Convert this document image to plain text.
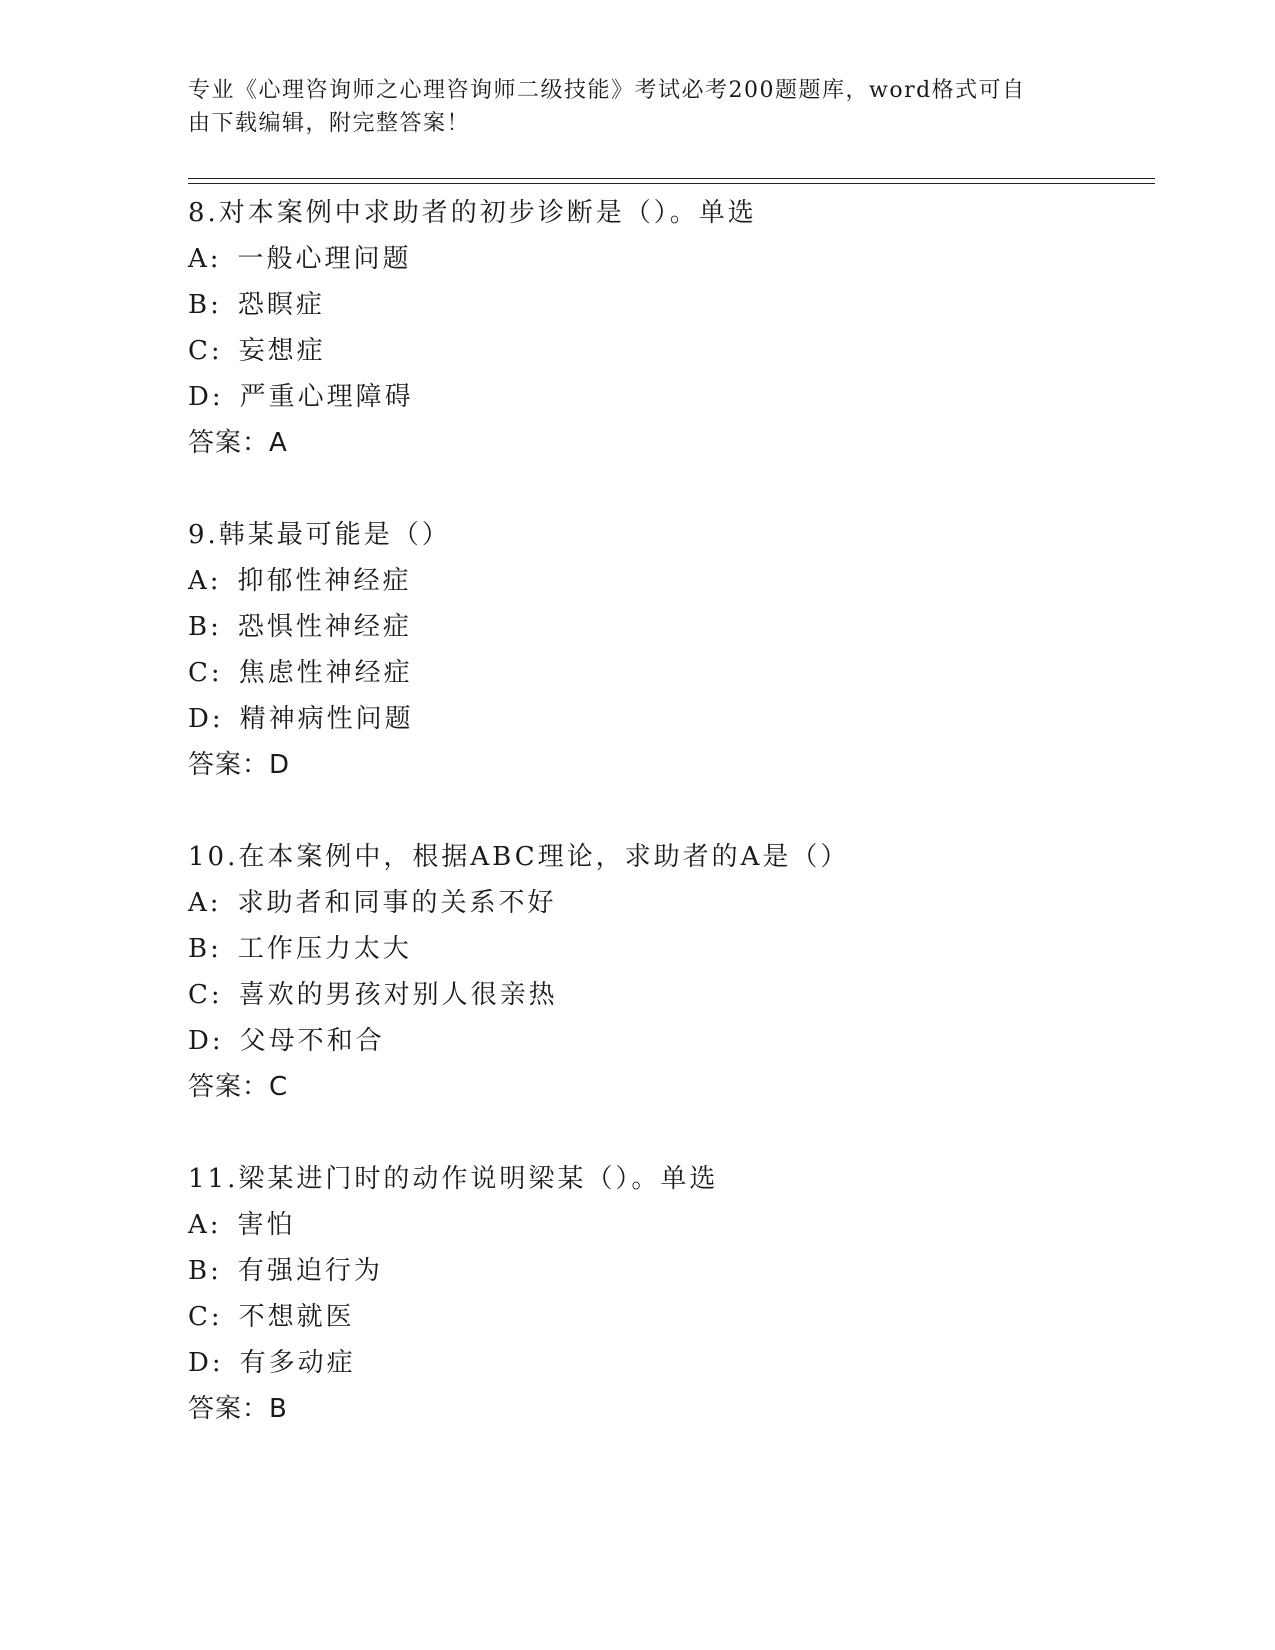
专业《心理咨询师之心理咨询师二级技能》考试必考200题题库，word格式可自
由下载编辑，附完整答案！
8.对本案例中求助者的初步诊断是（）。单选
A: 一般心理问题
B: 恐瞑症
C: 妄想症
D: 严重心理障碍
答案：A
9.韩某最可能是（）
A: 抑郁性神经症
B: 恐惧性神经症
C: 焦虑性神经症
D: 精神病性问题
答案：D
10.在本案例中，根据ABC理论，求助者的A是（）
A: 求助者和同事的关系不好
B: 工作压力太大
C: 喜欢的男孩对别人很亲热
D: 父母不和合
答案：C
11.梁某进门时的动作说明梁某（）。单选
A: 害怕
B: 有强迫行为
C: 不想就医
D: 有多动症
答案：B
